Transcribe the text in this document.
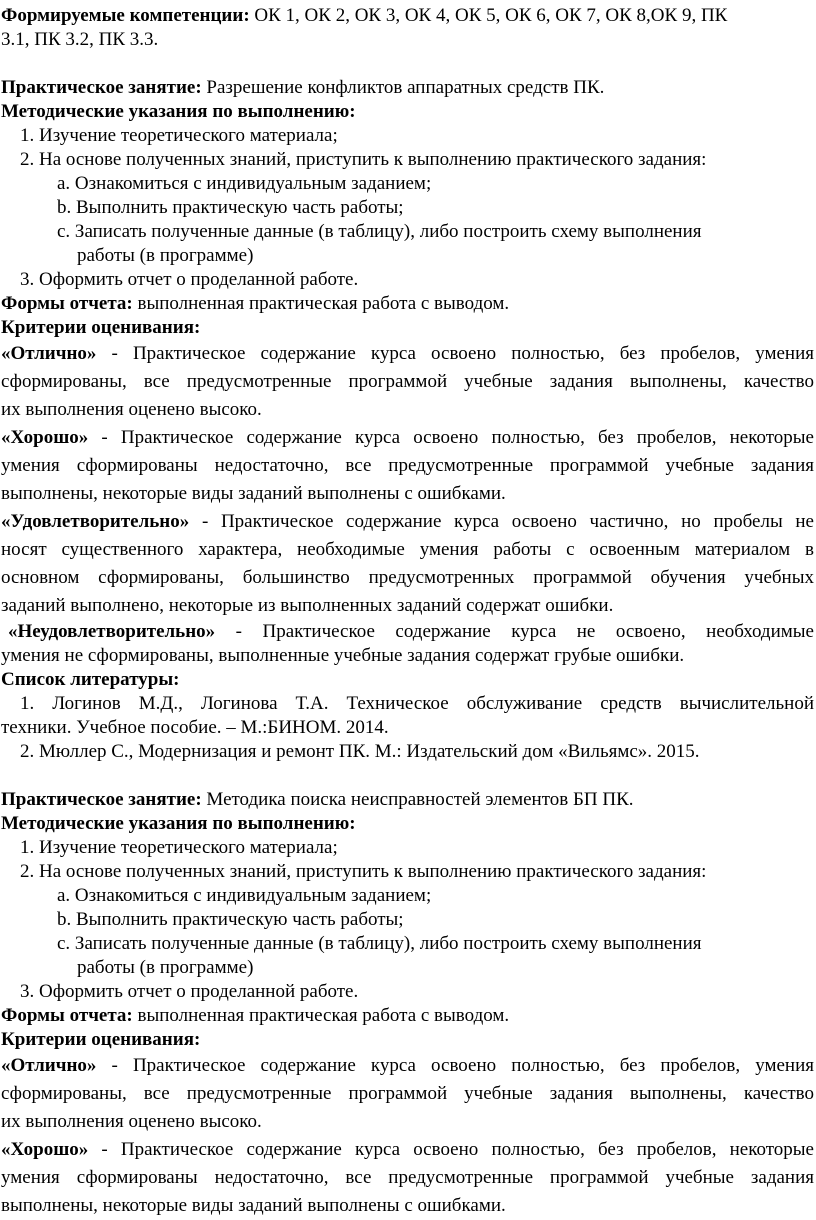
Формируемые компетенции: ОК 1, ОК 2, ОК 3, ОК 4, ОК 5, ОК 6, ОК 7, ОК 8,ОК 9, ПК
3.1, ПК 3.2, ПК 3.3.
Практическое занятие: Разрешение конфликтов аппаратных средств ПК.
Методические указания по выполнению:
1. Изучение теоретического материала;
2. На основе полученных знаний, приступить к выполнению практического задания:
a. Ознакомиться с индивидуальным заданием;
b. Выполнить практическую часть работы;
c. Записать полученные данные (в таблицу), либо построить схему выполнения
работы (в программе)
3. Оформить отчет о проделанной работе.
Формы отчета: выполненная практическая работа с выводом.
Критерии оценивания:
«Отлично» - Практическое содержание курса освоено полностью, без пробелов, умения
сформированы, все предусмотренные программой учебные задания выполнены, качество
их выполнения оценено высоко.
«Хорошо» - Практическое содержание курса освоено полностью, без пробелов, некоторые
умения сформированы недостаточно, все предусмотренные программой учебные задания
выполнены, некоторые виды заданий выполнены с ошибками.
«Удовлетворительно» - Практическое содержание курса освоено частично, но пробелы не
носят существенного характера, необходимые умения работы с освоенным материалом в
основном сформированы, большинство предусмотренных программой обучения учебных
заданий выполнено, некоторые из выполненных заданий содержат ошибки.
«Неудовлетворительно» - Практическое содержание курса не освоено, необходимые
умения не сформированы, выполненные учебные задания содержат грубые ошибки.
Список литературы:
1. Логинов М.Д., Логинова Т.А. Техническое обслуживание средств вычислительной
техники. Учебное пособие. – М.:БИНОМ. 2014.
2. Мюллер С., Модернизация и ремонт ПК. М.: Издательский дом «Вильямс». 2015.
Практическое занятие: Методика поиска неисправностей элементов БП ПК.
Методические указания по выполнению:
1. Изучение теоретического материала;
2. На основе полученных знаний, приступить к выполнению практического задания:
a. Ознакомиться с индивидуальным заданием;
b. Выполнить практическую часть работы;
c. Записать полученные данные (в таблицу), либо построить схему выполнения
работы (в программе)
3. Оформить отчет о проделанной работе.
Формы отчета: выполненная практическая работа с выводом.
Критерии оценивания:
«Отлично» - Практическое содержание курса освоено полностью, без пробелов, умения
сформированы, все предусмотренные программой учебные задания выполнены, качество
их выполнения оценено высоко.
«Хорошо» - Практическое содержание курса освоено полностью, без пробелов, некоторые
умения сформированы недостаточно, все предусмотренные программой учебные задания
выполнены, некоторые виды заданий выполнены с ошибками.
